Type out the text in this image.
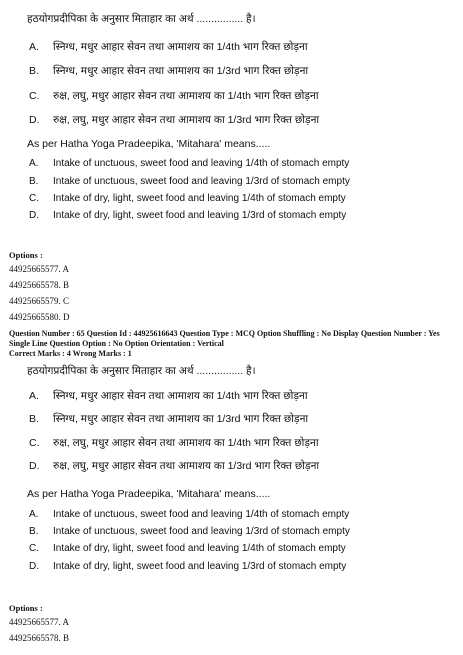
हठयोगप्रदीपिका के अनुसार मिताहार का अर्थ ................ है।
A. स्निग्ध, मधुर आहार सेवन तथा आमाशय का 1/4th भाग रिक्त छोड़ना
B. स्निग्ध, मधुर आहार सेवन तथा आमाशय का 1/3rd भाग रिक्त छोड़ना
C. रुक्ष, लघु, मधुर आहार सेवन तथा आमाशय का 1/4th भाग रिक्त छोड़ना
D. रुक्ष, लघु, मधुर आहार सेवन तथा आमाशय का 1/3rd भाग रिक्त छोड़ना
As per Hatha Yoga Pradeepika, 'Mitahara' means.....
A. Intake of unctuous, sweet food and leaving 1/4th of stomach empty
B. Intake of unctuous, sweet food and leaving 1/3rd of stomach empty
C. Intake of dry, light, sweet food and leaving 1/4th of stomach empty
D. Intake of dry, light, sweet food and leaving 1/3rd of stomach empty
Options :
44925665577. A
44925665578. B
44925665579. C
44925665580. D
Question Number : 65 Question Id : 44925616643 Question Type : MCQ Option Shuffling : No Display Question Number : Yes
Single Line Question Option : No Option Orientation : Vertical
Correct Marks : 4 Wrong Marks : 1
हठयोगप्रदीपिका के अनुसार मिताहार का अर्थ ................ है।
A. स्निग्ध, मधुर आहार सेवन तथा आमाशय का 1/4th भाग रिक्त छोड़ना
B. स्निग्ध, मधुर आहार सेवन तथा आमाशय का 1/3rd भाग रिक्त छोड़ना
C. रुक्ष, लघु, मधुर आहार सेवन तथा आमाशय का 1/4th भाग रिक्त छोड़ना
D. रुक्ष, लघु, मधुर आहार सेवन तथा आमाशय का 1/3rd भाग रिक्त छोड़ना
As per Hatha Yoga Pradeepika, 'Mitahara' means.....
A. Intake of unctuous, sweet food and leaving 1/4th of stomach empty
B. Intake of unctuous, sweet food and leaving 1/3rd of stomach empty
C. Intake of dry, light, sweet food and leaving 1/4th of stomach empty
D. Intake of dry, light, sweet food and leaving 1/3rd of stomach empty
Options :
44925665577. A
44925665578. B
